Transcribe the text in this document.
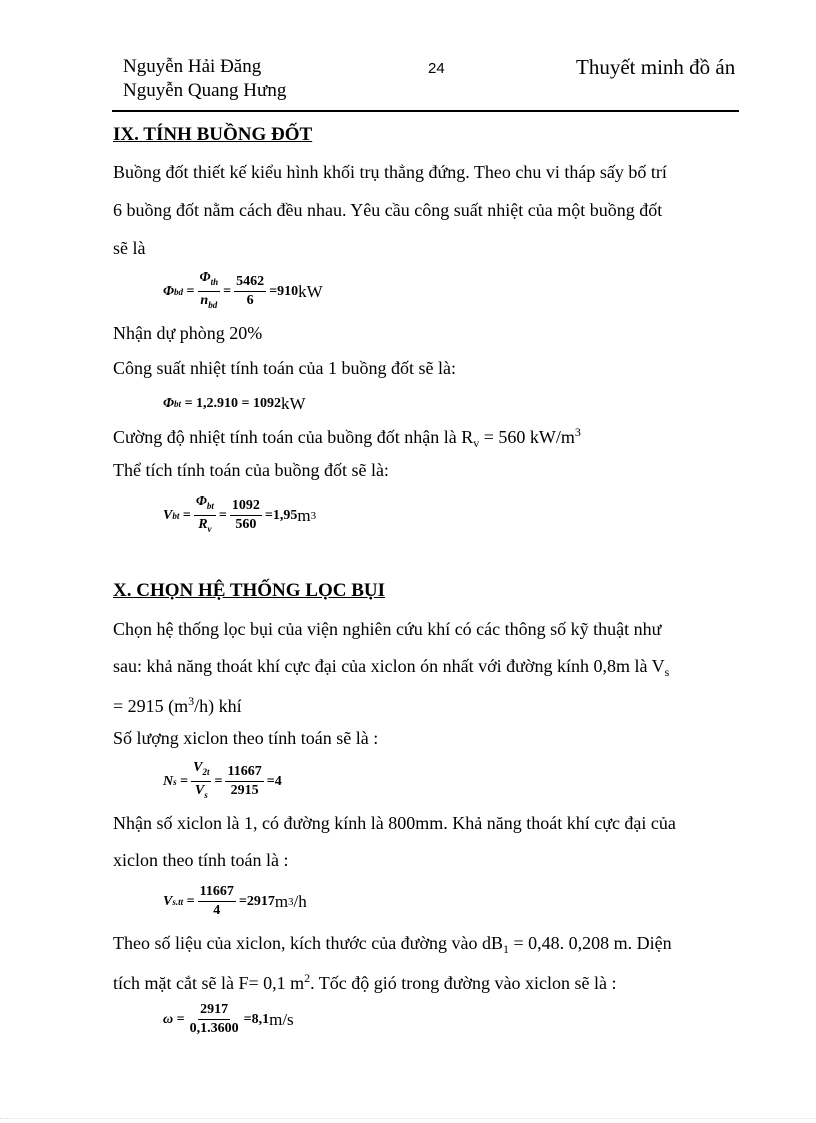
Nguyễn Hải Đăng
Nguyễn Quang Hưng
24	Thuyết minh đồ án
IX. TÍNH BUỒNG ĐỐT
Buồng đốt thiết kế kiểu hình khối trụ thẳng đứng. Theo chu vi tháp sấy bố trí
6 buồng đốt nằm cách đều nhau. Yêu cầu công suất nhiệt của một buồng đốt
sẽ là
Φ bd = $\frac{\Phi_{th}}{n_{bd}} = \frac{5462}{6} = 910$ kW
Nhận dự phòng 20%
Công suất nhiệt tính toán của 1 buồng đốt sẽ là:
Φ bt = 1,2.910 = 1092 kW
Cường độ nhiệt tính toán của buồng đốt nhận là $R_v = 560$ $kW/m^3$
Thể tích tính toán của buồng đốt sẽ là:
V bt = $\frac{\Phi_{bt}}{R_v} = \frac{1092}{560} = 1,95$ m 3
X. CHỌN HỆ THỐNG LỌC BỤI
Chọn hệ thống lọc bụi của viện nghiên cứu khí có các thông số kỹ thuật như
sau: khả năng thoát khí cực đại của xiclon ón nhất với đường kính 0,8m là $V_s$
= 2915 $(m^3/h)$ khí
Số lượng xiclon theo tính toán sẽ là :
N $s = \frac{V_{2t}}{V_s} = \frac{11667}{2915} = 4$
Nhận số xiclon là 1, có đường kính là 800mm. Khả năng thoát khí cực đại của
xiclon theo tính toán là :
V $s.tt = \frac{11667}{4} = 2917$ m 3 /h
Theo số liệu của xiclon, kích thước của đường vào $dB_1 = 0,48$. 0,208 m. Diện
tích mặt cắt sẽ là F= 0,1 $m^2$. Tốc độ gió trong đường vào xiclon sẽ là :
$\omega = \frac{2917}{0,1.3600} = 8,1$ m/s
